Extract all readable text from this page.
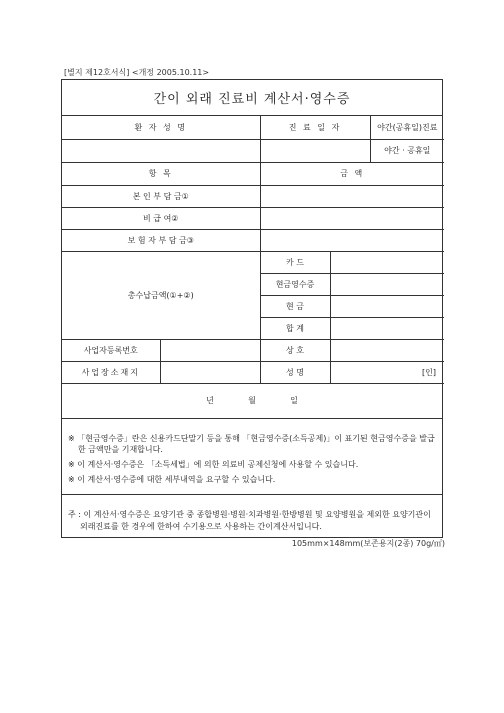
[별지 제12호서식] <개정 2005.10.11>
간이 외래 진료비 계산서·영수증
환 자 성 명		진 료 일 자		야간(공휴일)진료
				야간 · 공휴일
항 목		금 액		
본 인 부 담 금①				
비 급 여②				
보 험 자 부 담 금③				
총수납금액(①+②)		카 드		
		현금영수증		
		현 금		
		합 계		
사업자등록번호		상 호		
사업장소재지		성 명	[인]	
년	월	일

※ 「현금영수증」란은 신용카드단말기 등을 통해 「현금영수증(소득공제)」이 표기된 현금영수증을 발급한 금액만을 기재합니다.

※ 이 계산서·영수증은 「소득세법」에 의한 의료비 공제신청에 사용할 수 있습니다.

※ 이 계산서·영수증에 대한 세부내역을 요구할 수 있습니다.

주 : 이 계산서·영수증은 요양기관 중 종합병원·병원·치과병원·한방병원 및 요양병원을 제외한 요양기관이 외래진료를 한 경우에 한하여 수기용으로 사용하는 간이계산서입니다.
105mm×148mm(보존용지(2종) 70g/㎡)
